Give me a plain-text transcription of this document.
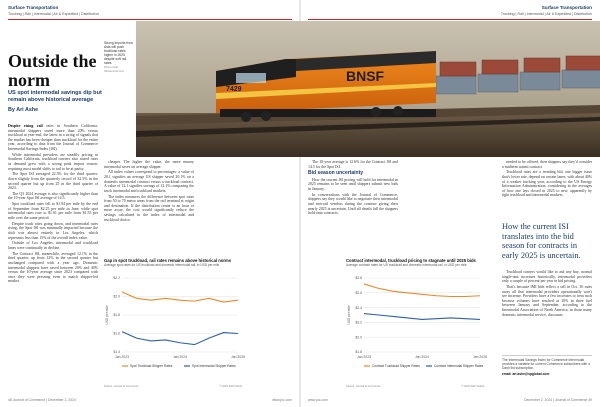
Surface Transportation
Trucking | Rail | Intermodal | Air & Expedited | Distribution
Outside the norm
US spot intermodal savings dip but remain above historical average
By Ari Ashe
Strong imports from Asia will push truckload rates higher in 2025 despite soft rail rates.
Photo credit: Shutterstock.com

Despite rising rail rates in Southern California, intermodal shippers saved more than 20% versus truckload at year-end, the latest in a string of signals that the market has been cheaper than truckload for the entire year, according to data from the Journal of Commerce Intermodal Savings Index (ISI).

While intermodal providers are steadily pricing in Southern California, truckload carriers also raised rates as demand grew with a strong peak import season, requiring most model shifts to rail to be at parity.

The Spot ISI averaged 22.5% for the third quarter, down slightly from the quarterly record of 32.5% in the second quarter but up from 25 in the third quarter of 2023.

The Q3 2024 average is also significantly higher than the 10-year Spot ISI average of 14.5.

Spot truckload rates fell to $1.94 per mile by the end of September from $2.25 per mile in June, while spot intermodal rates rose to $1.61 per mile from $1.55 per mile over the same period.

Despite truck rates going down, and intermodal rates rising, the Spot ISI was minimally impacted because the shift was almost entirely in Los Angeles, which represents less than 15% of the overall index value.

Outside of Los Angeles, intermodal and truckload lanes were continually in decline.

The Contract ISI, meanwhile, averaged 12.1% in the third quarter, up from 12% in the second quarter but unchanged compared with a year ago. Domestic intermodal shippers have saved between 20% and 40% versus the 10-year average since 2023 compared with once they were pressing even to match shipper-led market.

cheaper. The higher the value, the more money intermodal saves on average shipper.

All index values correspond to percentages: a value of 20.1 signifies an average US shipper saved 20.1% on a domestic intermodal contract versus a truckload contract. A value of 12.1 signifies savings of 12.1% comparing the truck intermodal and truckload markets.

The index measures the difference between spot rates from 50 to 70 metro areas from the rail terminal at origin and destination. If the distribution center is an hour or more away, the cost would significantly reduce the savings calculated in the index of intermodal and truckload choice.

Gap in spot truckload, rail rates remains above historical norms
Average spot rates for US truckload and domestic intermodal rail, in USD per mile
$2.2
$2.0
$1.8
$1.6
$1.4
USD per mile
Jan 2023	Jan 2024	Jan 2025
Spot Truckload Shipper Rates	Spot Intermodal Shipper Rates
Source: Journal of Commerce	© 2025 S&P Global
48 Journal of Commerce | December 2, 2024	www.joc.com
Surface Transportation
Trucking | Rail | Intermodal | Air & Expedited | Distribution

The 10-year average is 12.6% for the Contract ISI and 14.5 for the Spot ISI.

Bid season uncertainty

How the current ISI pricing will hold for intermodal in 2025 remains to be seen until shippers submit new bids in January.

In conversations with the Journal of Commerce, shippers say they would like to negotiate their intermodal and non-rail vendors during the contract giving their nearly 2025 is uncertain. Until all details fall the shippers hold onto contracts.

Contract intermodal, truckload pricing to stagnate until 2025 bids
Average contract rates for US truckload and domestic intermodal rail, in USD per mile
$2.8
$2.6
$2.4
$2.2
$2.0
$1.8
USD per mile
Jan 2023	Jan 2024	Jan 2025
Contract Truckload Shipper Rates	Contract Intermodal Shipper Rates
Source: Journal of Commerce	© 2025 S&P Global

needed to be offered, then shippers say they'd consider a midterm transit contract.

Truckload rates are a trending bid, one bigger issue that's lower rate, depend on certain lanes, with about 40% of a weaker trucking year, according to the US Energy Information Administration, considering in the averages of how one lays closed in 2025 to new, apparently by tight truckload and intermodal markets.

How the current ISI translates into the bid season for contracts in early 2025 is uncertain.

Truckload carriers would like to ask any buy, normal single-unit increases historically, intermodal providers only a couple of percent per year in bid pricing.

That's because IMI bids reflect a sell in Oct. 30 rates away all that intermodal providers operationally won't see increase. Providers have a few increases to treat such because volumes have reached at 10% in three fuel between January and September, according to the Intermodal Association of North America, in those many domestic intermodal service, discounts.

The Intermodal Savings Index for Commerce Intermodal provides a variable for current Commerce subscribers with a Dash list subscription.
email: ari.ashe@spglobal.com
www.joc.com	December 2, 2024 | Journal of Commerce 49
BNSF
7429
